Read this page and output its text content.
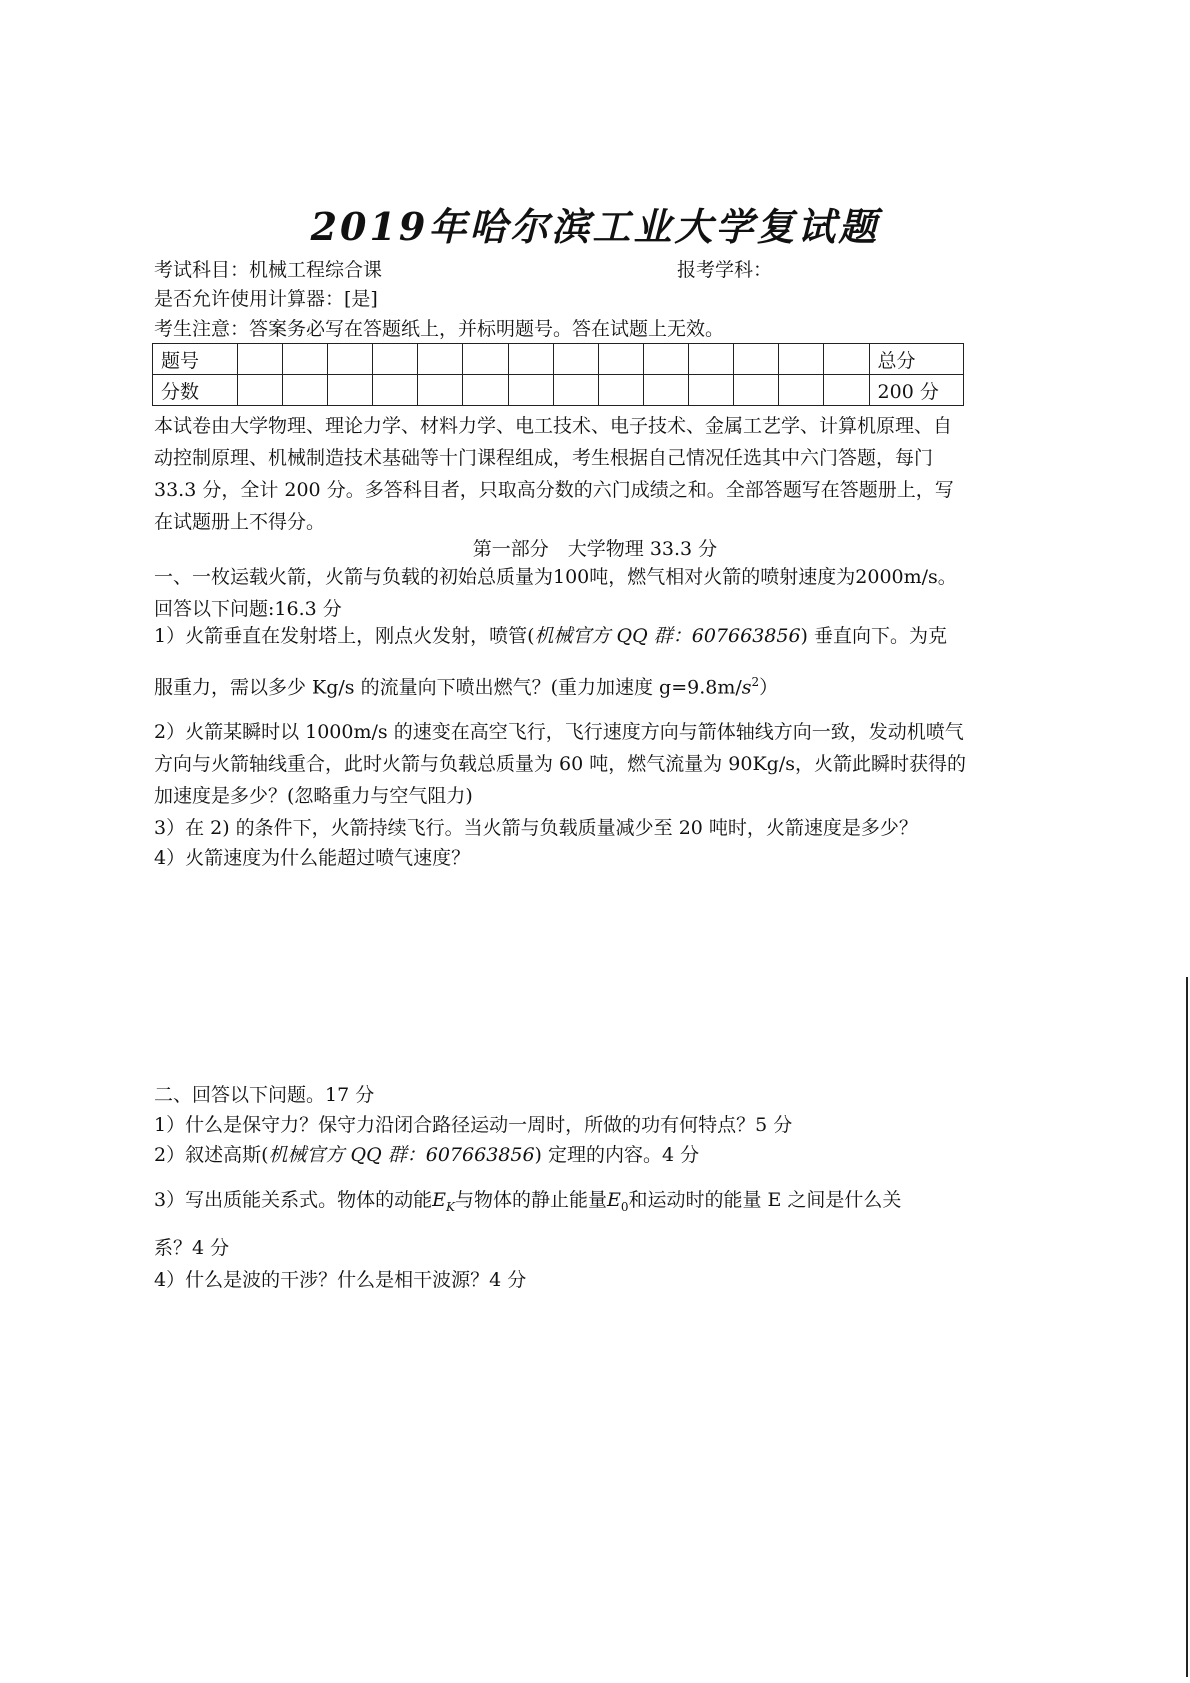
2019年哈尔滨工业大学复试题
考试科目：机械工程综合课	报考学科：
是否允许使用计算器：[是]
考生注意：答案务必写在答题纸上，并标明题号。答在试题上无效。
题号															总分
分数															200 分
本试卷由大学物理、理论力学、材料力学、电工技术、电子技术、金属工艺学、计算机原理、自动控制原理、机械制造技术基础等十门课程组成，考生根据自己情况任选其中六门答题，每门 33.3 分，全计 200 分。多答科目者，只取高分数的六门成绩之和。全部答题写在答题册上，写在试题册上不得分。
第一部分　大学物理 33.3 分
一、一枚运载火箭，火箭与负载的初始总质量为100吨，燃气相对火箭的喷射速度为2000m/s。回答以下问题:16.3 分
1）火箭垂直在发射塔上，刚点火发射，喷管(机械官方 QQ 群：607663856) 垂直向下。为克
服重力，需以多少 Kg/s 的流量向下喷出燃气？(重力加速度 $g=9.8m/s^2$）
2）火箭某瞬时以 1000m/s 的速变在高空飞行，飞行速度方向与箭体轴线方向一致，发动机喷气方向与火箭轴线重合，此时火箭与负载总质量为 60 吨，燃气流量为 90Kg/s，火箭此瞬时获得的加速度是多少？(忽略重力与空气阻力)
3）在 2) 的条件下，火箭持续飞行。当火箭与负载质量减少至 20 吨时，火箭速度是多少？
4）火箭速度为什么能超过喷气速度？
二、回答以下问题。17 分
1）什么是保守力？保守力沿闭合路径运动一周时，所做的功有何特点？5 分
2）叙述高斯(机械官方 QQ 群：607663856) 定理的内容。4 分
3）写出质能关系式。物体的动能$E_K$与物体的静止能量$E_0$和运动时的能量 E 之间是什么关
系？4 分
4）什么是波的干涉？什么是相干波源？4 分
